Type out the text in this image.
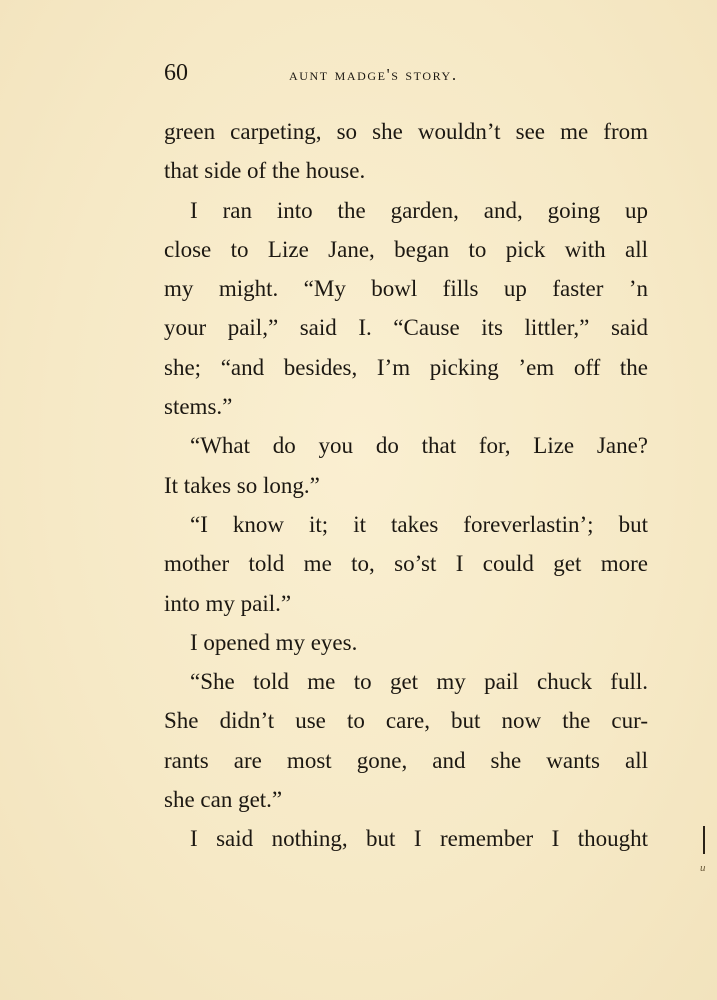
60	aunt madge's story.
green carpeting, so she wouldn’t see me from
that side of the house.
I ran into the garden, and, going up
close to Lize Jane, began to pick with all
my might. “My bowl fills up faster ’n
your pail,” said I. “Cause its littler,” said
she; “and besides, I’m picking ’em off the
stems.”
“What do you do that for, Lize Jane?
It takes so long.”
“I know it; it takes foreverlastin’; but
mother told me to, so’st I could get more
into my pail.”
I opened my eyes.
“She told me to get my pail chuck full.
She didn’t use to care, but now the cur-
rants are most gone, and she wants all
she can get.”
I said nothing, but I remember I thought
u
